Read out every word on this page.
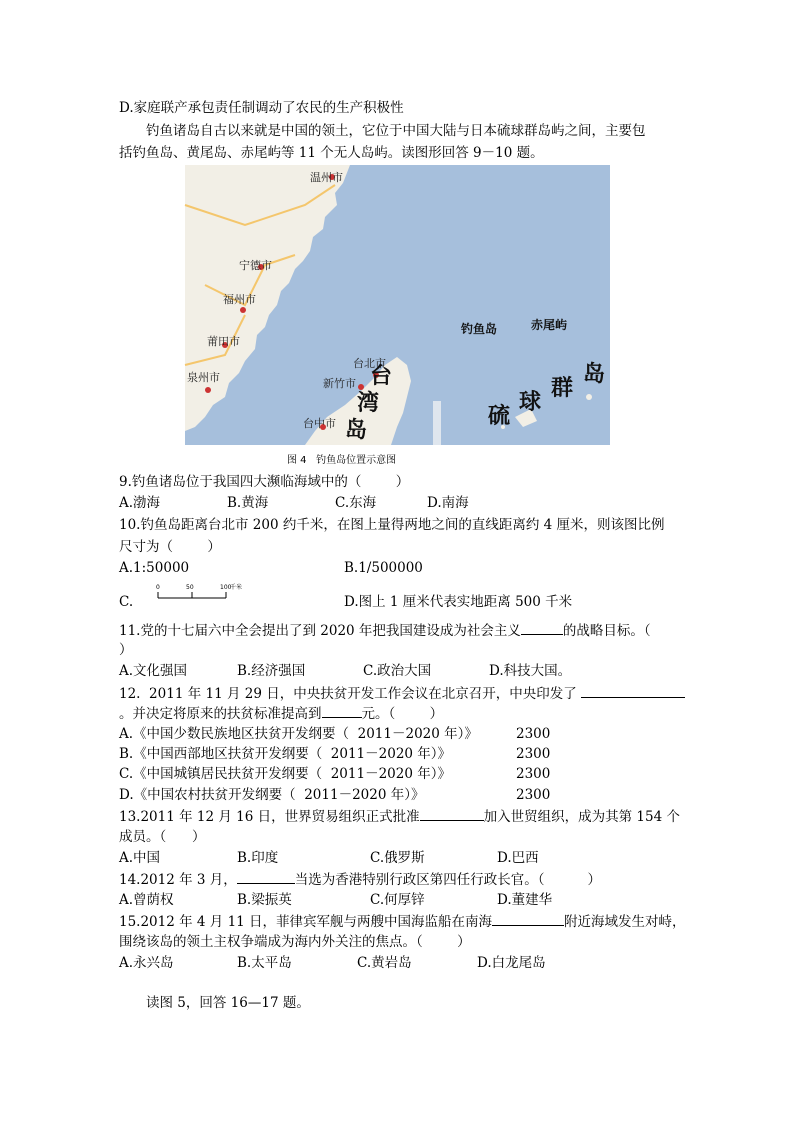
D.家庭联产承包责任制调动了农民的生产积极性
钓鱼诸岛自古以来就是中国的领土，它位于中国大陆与日本硫球群岛屿之间，主要包
括钓鱼岛、黄尾岛、赤尾屿等 11 个无人岛屿。读图形回答 9－10 题。
温州市
宁德市
福州市
莆田市
泉州市
台北市
新竹市
台中市
钓鱼岛	赤尾屿
台
湾
岛
硫
球
群
岛
图 4   钓鱼岛位置示意图
9.钓鱼诸岛位于我国四大濒临海域中的（        ）
A.渤海	B.黄海	C.东海	D.南海
10.钓鱼岛距离台北市 200 约千米，在图上量得两地之间的直线距离约 4 厘米，则该图比例
尺寸为（        ）
A.1:50000	B.1/500000
C.
0	50	100
千米
D.图上 1 厘米代表实地距离 500 千米
11.党的十七届六中全会提出了到 2020 年把我国建设成为社会主义	的战略目标。（
）
A.文化强国	B.经济强国	C.政治大国	D.科技大国。
12.  2011 年 11 月 29 日，中央扶贫开发工作会议在北京召开，中央印发了
。并决定将原来的扶贫标准提高到	元。（        ）
A.《中国少数民族地区扶贫开发纲要（  2011－2020 年）》	2300
B.《中国西部地区扶贫开发纲要（  2011－2020 年）》	2300
C.《中国城镇居民扶贫开发纲要（  2011－2020 年）》	2300
D.《中国农村扶贫开发纲要（  2011－2020 年）》	2300
13.2011 年 12 月 16 日，世界贸易组织正式批准	加入世贸组织，成为其第 154 个
成员。（      ）
A.中国	B.印度	C.俄罗斯	D.巴西
14.2012 年 3 月，	当选为香港特别行政区第四任行政长官。（          ）
A.曾荫权	B.梁振英	C.何厚锌	D.董建华
15.2012 年 4 月 11 日，菲律宾军舰与两艘中国海监船在南海	附近海域发生对峙，
围绕该岛的领土主权争端成为海内外关注的焦点。（        ）
A.永兴岛	B.太平岛	C.黄岩岛	D.白龙尾岛
读图 5，回答 16—17 题。
